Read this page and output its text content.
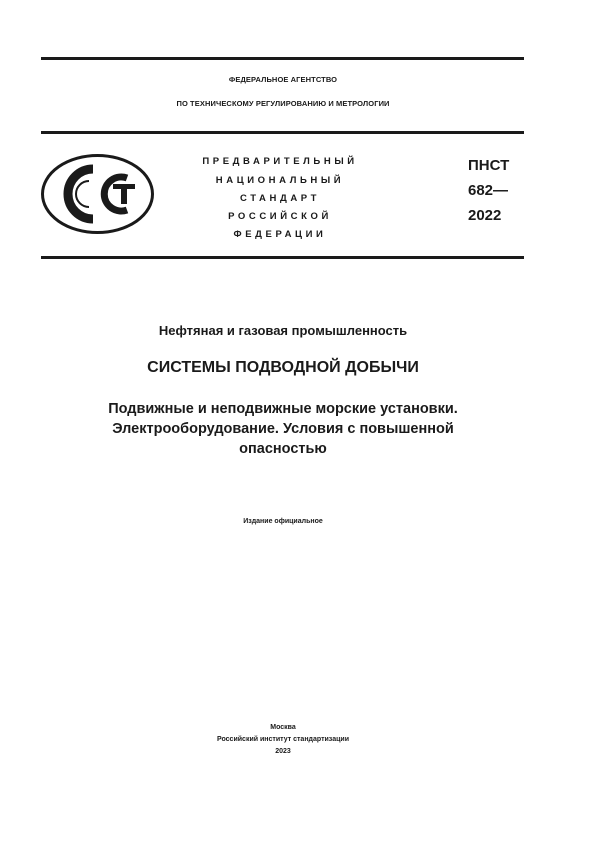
ФЕДЕРАЛЬНОЕ АГЕНТСТВО
ПО ТЕХНИЧЕСКОМУ РЕГУЛИРОВАНИЮ И МЕТРОЛОГИИ
ПРЕДВАРИТЕЛЬНЫЙ
НАЦИОНАЛЬНЫЙ
СТАНДАРТ
РОССИЙСКОЙ
ФЕДЕРАЦИИ
ПНСТ
682—
2022
Нефтяная и газовая промышленность
СИСТЕМЫ ПОДВОДНОЙ ДОБЫЧИ
Подвижные и неподвижные морские установки.
Электрооборудование. Условия с повышенной
опасностью
Издание официальное
Москва
Российский институт стандартизации
2023
